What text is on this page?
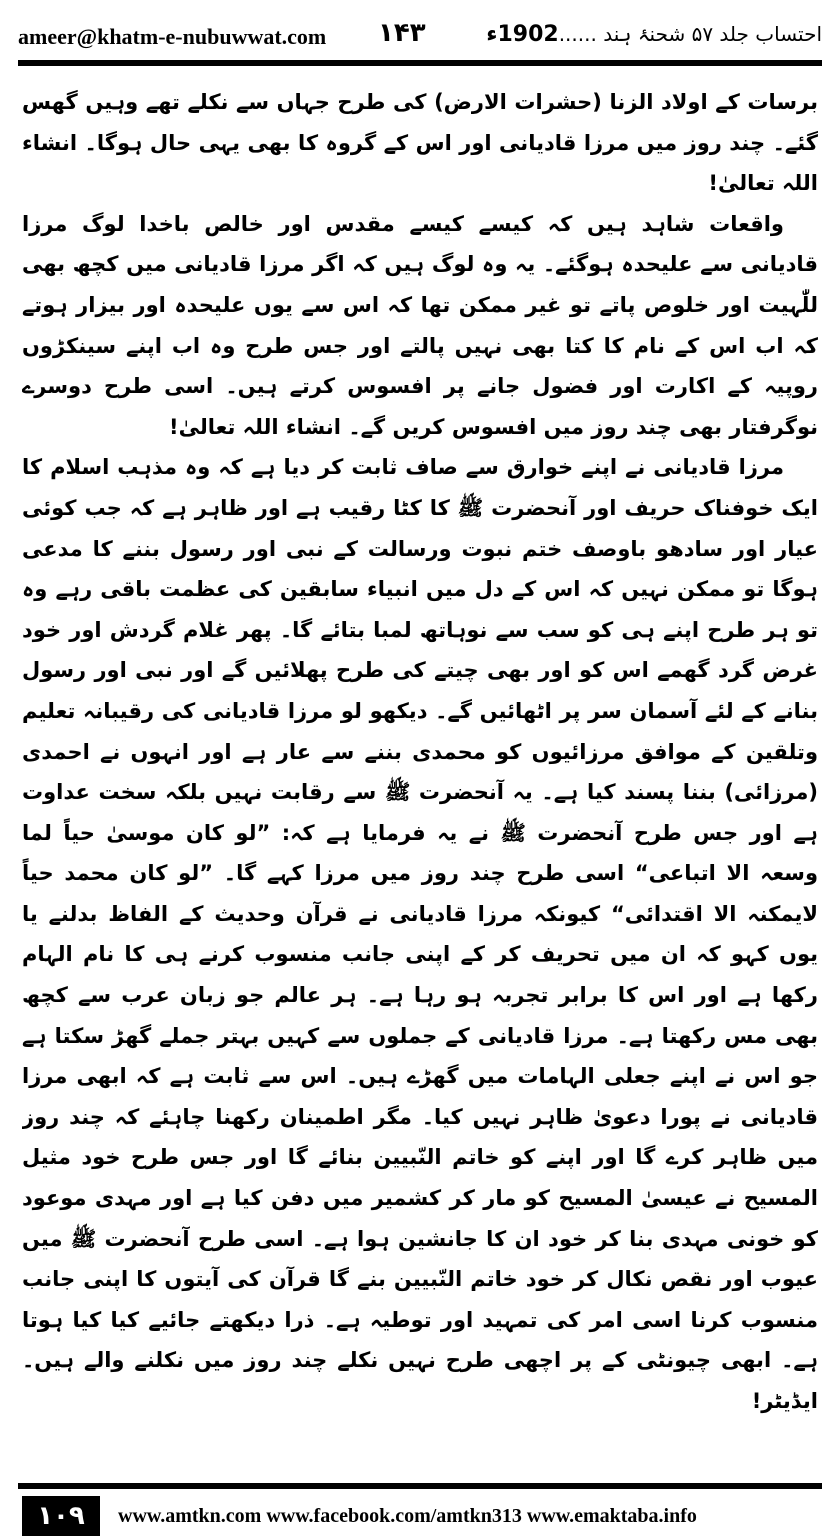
ameer@khatm-e-nubuwwat.com ۱۴۳	احتساب جلد ۵۷ شحنۂ ہند ......1902ء

برسات کے اولاد الزنا (حشرات الارض) کی طرح جہاں سے نکلے تھے وہیں گھس گئے۔ چند روز میں مرزا قادیانی اور اس کے گروہ کا بھی یہی حال ہوگا۔ انشاء اللہ تعالیٰ!

واقعات شاہد ہیں کہ کیسے کیسے مقدس اور خالص باخدا لوگ مرزا قادیانی سے علیحدہ ہوگئے۔ یہ وہ لوگ ہیں کہ اگر مرزا قادیانی میں کچھ بھی للّٰہیت اور خلوص پاتے تو غیر ممکن تھا کہ اس سے یوں علیحدہ اور بیزار ہوتے کہ اب اس کے نام کا کتا بھی نہیں پالتے اور جس طرح وہ اب اپنے سینکڑوں روپیہ کے اکارت اور فضول جانے پر افسوس کرتے ہیں۔ اسی طرح دوسرے نوگرفتار بھی چند روز میں افسوس کریں گے۔ انشاء اللہ تعالیٰ!

مرزا قادیانی نے اپنے خوارق سے صاف ثابت کر دیا ہے کہ وہ مذہب اسلام کا ایک خوفناک حریف اور آنحضرت ﷺ کا کٹا رقیب ہے اور ظاہر ہے کہ جب کوئی عیار اور سادھو باوصف ختم نبوت ورسالت کے نبی اور رسول بننے کا مدعی ہوگا تو ممکن نہیں کہ اس کے دل میں انبیاء سابقین کی عظمت باقی رہے وہ تو ہر طرح اپنے ہی کو سب سے نوہاتھ لمبا بتائے گا۔ پھر غلام گردش اور خود غرض گرد گھمے اس کو اور بھی چیتے کی طرح پھلائیں گے اور نبی اور رسول بنانے کے لئے آسمان سر پر اٹھائیں گے۔ دیکھو لو مرزا قادیانی کی رقیبانہ تعلیم وتلقین کے موافق مرزائیوں کو محمدی بننے سے عار ہے اور انہوں نے احمدی (مرزائی) بننا پسند کیا ہے۔ یہ آنحضرت ﷺ سے رقابت نہیں بلکہ سخت عداوت ہے اور جس طرح آنحضرت ﷺ نے یہ فرمایا ہے کہ: ”لو کان موسیٰ حیاً لما وسعہ الا اتباعی“ اسی طرح چند روز میں مرزا کہے گا۔ ”لو کان محمد حیاً لایمکنہ الا اقتدائی“ کیونکہ مرزا قادیانی نے قرآن وحدیث کے الفاظ بدلنے یا یوں کہو کہ ان میں تحریف کر کے اپنی جانب منسوب کرنے ہی کا نام الہام رکھا ہے اور اس کا برابر تجربہ ہو رہا ہے۔ ہر عالم جو زبان عرب سے کچھ بھی مس رکھتا ہے۔ مرزا قادیانی کے جملوں سے کہیں بہتر جملے گھڑ سکتا ہے جو اس نے اپنے جعلی الہامات میں گھڑے ہیں۔ اس سے ثابت ہے کہ ابھی مرزا قادیانی نے پورا دعویٰ ظاہر نہیں کیا۔ مگر اطمینان رکھنا چاہئے کہ چند روز میں ظاہر کرے گا اور اپنے کو خاتم النّبیین بنائے گا اور جس طرح خود مثیل المسیح نے عیسیٰ المسیح کو مار کر کشمیر میں دفن کیا ہے اور مہدی موعود کو خونی مہدی بنا کر خود ان کا جانشین ہوا ہے۔ اسی طرح آنحضرت ﷺ میں عیوب اور نقص نکال کر خود خاتم النّبیین بنے گا قرآن کی آیتوں کا اپنی جانب منسوب کرنا اسی امر کی تمہید اور توطیہ ہے۔ ذرا دیکھتے جائیے کیا کیا ہوتا ہے۔ ابھی چیونٹی کے پر اچھی طرح نہیں نکلے چند روز میں نکلنے والے ہیں۔ ایڈیٹر!

۱۰۹	www.amtkn.com www.facebook.com/amtkn313 www.emaktaba.info
